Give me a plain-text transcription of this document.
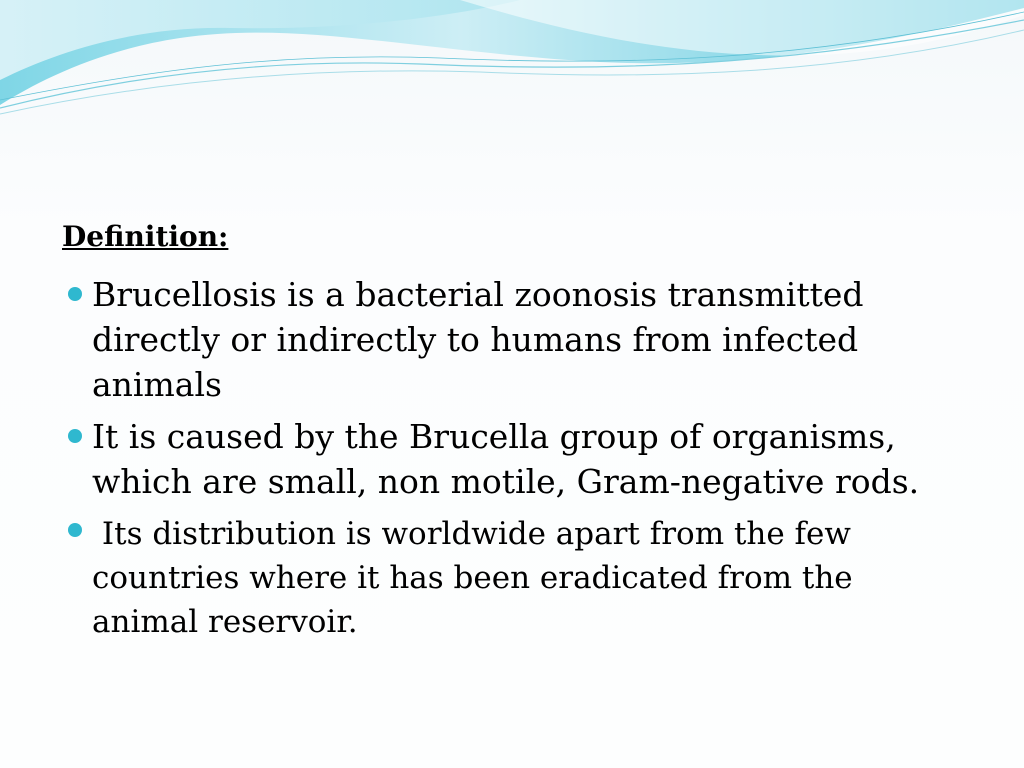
Definition:
Brucellosis is a bacterial zoonosis transmitted directly or indirectly to humans from infected animals
It is caused by the Brucella group of organisms, which are small, non motile, Gram-negative rods.
Its distribution is worldwide apart from the few countries where it has been eradicated from the animal reservoir.
